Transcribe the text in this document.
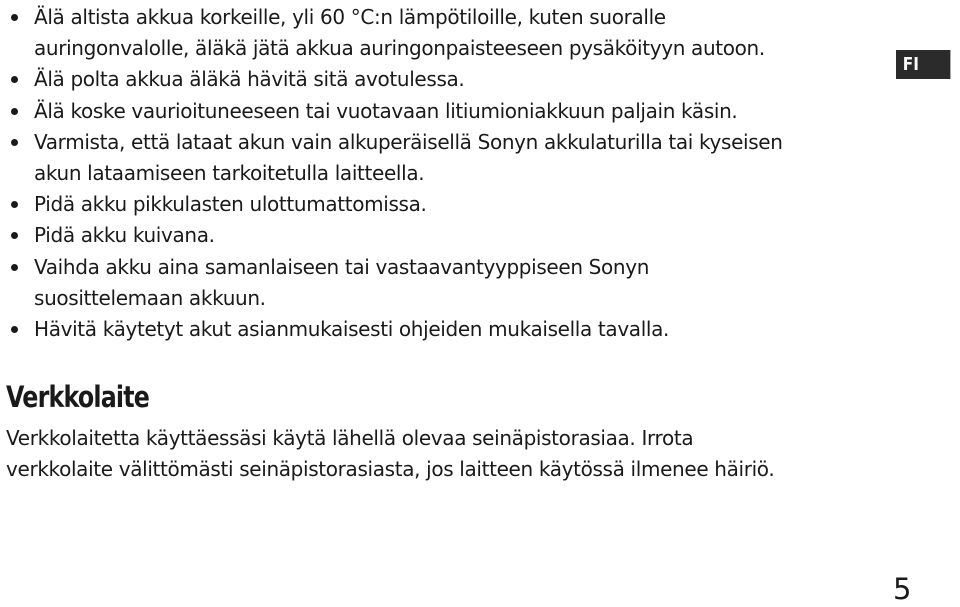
Älä altista akkua korkeille, yli 60 °C:n lämpötiloille, kuten suoralle
auringonvalolle, äläkä jätä akkua auringonpaisteeseen pysäköityyn autoon.
Älä polta akkua äläkä hävitä sitä avotulessa.
Älä koske vaurioituneeseen tai vuotavaan litiumioniakkuun paljain käsin.
Varmista, että lataat akun vain alkuperäisellä Sonyn akkulaturilla tai kyseisen
akun lataamiseen tarkoitetulla laitteella.
Pidä akku pikkulasten ulottumattomissa.
Pidä akku kuivana.
Vaihda akku aina samanlaiseen tai vastaavantyyppiseen Sonyn
suosittelemaan akkuun.
Hävitä käytetyt akut asianmukaisesti ohjeiden mukaisella tavalla.
FI
Verkkolaite

Verkkolaitetta käyttäessäsi käytä lähellä olevaa seinäpistorasiaa. Irrota
verkkolaite välittömästi seinäpistorasiasta, jos laitteen käytössä ilmenee häiriö.

5
